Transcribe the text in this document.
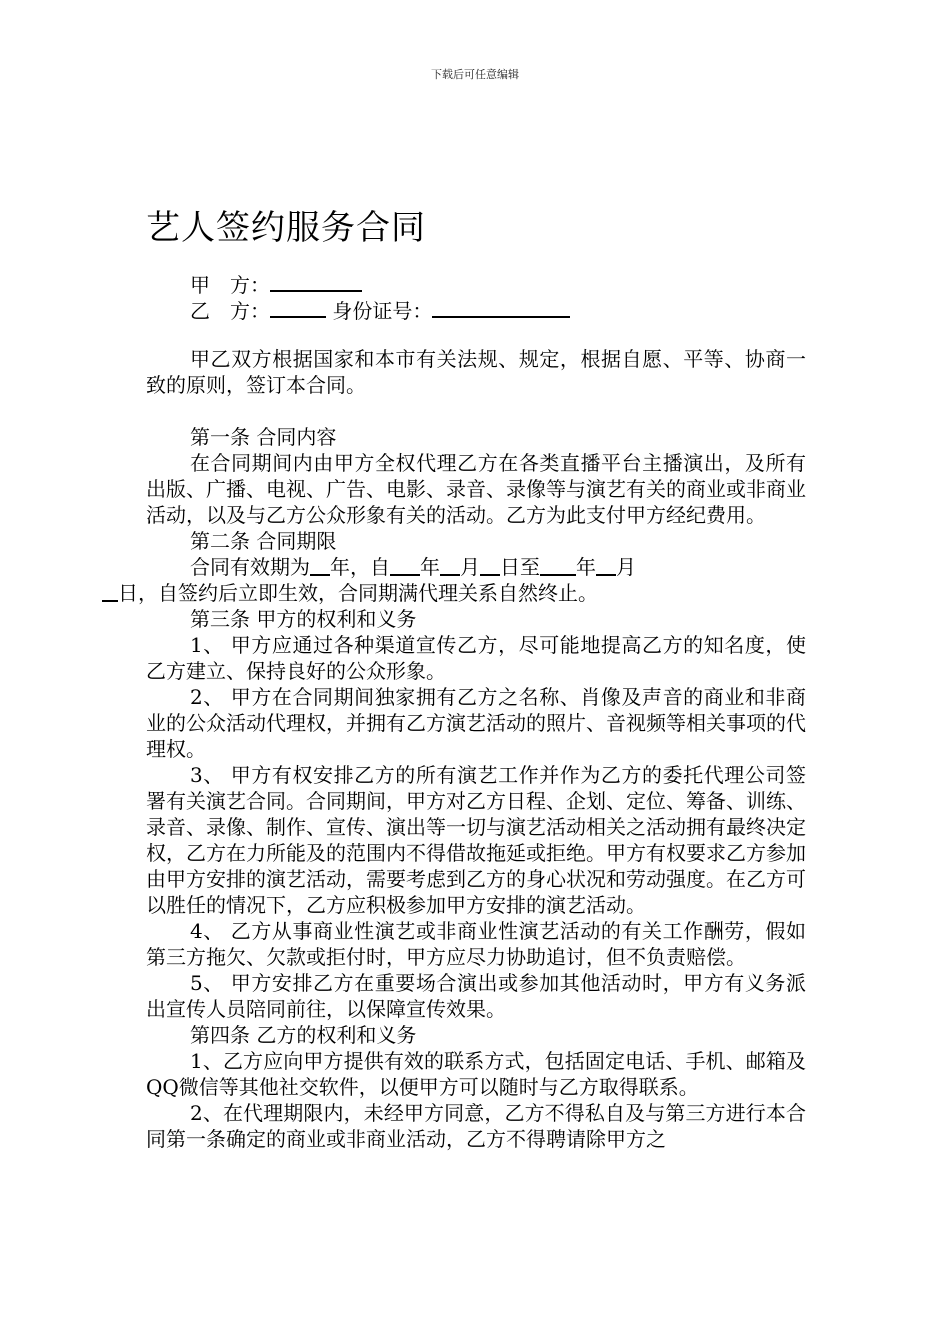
下载后可任意编辑
艺人签约服务合同
甲　方：
乙　方：	身份证号：

甲乙双方根据国家和本市有关法规、规定，根据自愿、平等、协商一致的原则，签订本合同。

第一条 合同内容

在合同期间内由甲方全权代理乙方在各类直播平台主播演出，及所有出版、广播、电视、广告、电影、录音、录像等与演艺有关的商业或非商业活动，以及与乙方公众形象有关的活动。乙方为此支付甲方经纪费用。

第二条 合同期限

合同有效期为 年，自 年 月 日至 年 月
日，自签约后立即生效，合同期满代理关系自然终止。

第三条 甲方的权利和义务

1、 甲方应通过各种渠道宣传乙方，尽可能地提高乙方的知名度，使乙方建立、保持良好的公众形象。

2、 甲方在合同期间独家拥有乙方之名称、肖像及声音的商业和非商业的公众活动代理权，并拥有乙方演艺活动的照片、音视频等相关事项的代理权。

3、 甲方有权安排乙方的所有演艺工作并作为乙方的委托代理公司签署有关演艺合同。合同期间，甲方对乙方日程、企划、定位、筹备、训练、录音、录像、制作、宣传、演出等一切与演艺活动相关之活动拥有最终决定权，乙方在力所能及的范围内不得借故拖延或拒绝。甲方有权要求乙方参加由甲方安排的演艺活动，需要考虑到乙方的身心状况和劳动强度。在乙方可以胜任的情况下，乙方应积极参加甲方安排的演艺活动。

4、 乙方从事商业性演艺或非商业性演艺活动的有关工作酬劳，假如第三方拖欠、欠款或拒付时，甲方应尽力协助追讨，但不负责赔偿。

5、 甲方安排乙方在重要场合演出或参加其他活动时，甲方有义务派出宣传人员陪同前往，以保障宣传效果。

第四条 乙方的权利和义务

1、乙方应向甲方提供有效的联系方式，包括固定电话、手机、邮箱及QQ微信等其他社交软件，以便甲方可以随时与乙方取得联系。

2、在代理期限内，未经甲方同意，乙方不得私自及与第三方进行本合同第一条确定的商业或非商业活动，乙方不得聘请除甲方之
